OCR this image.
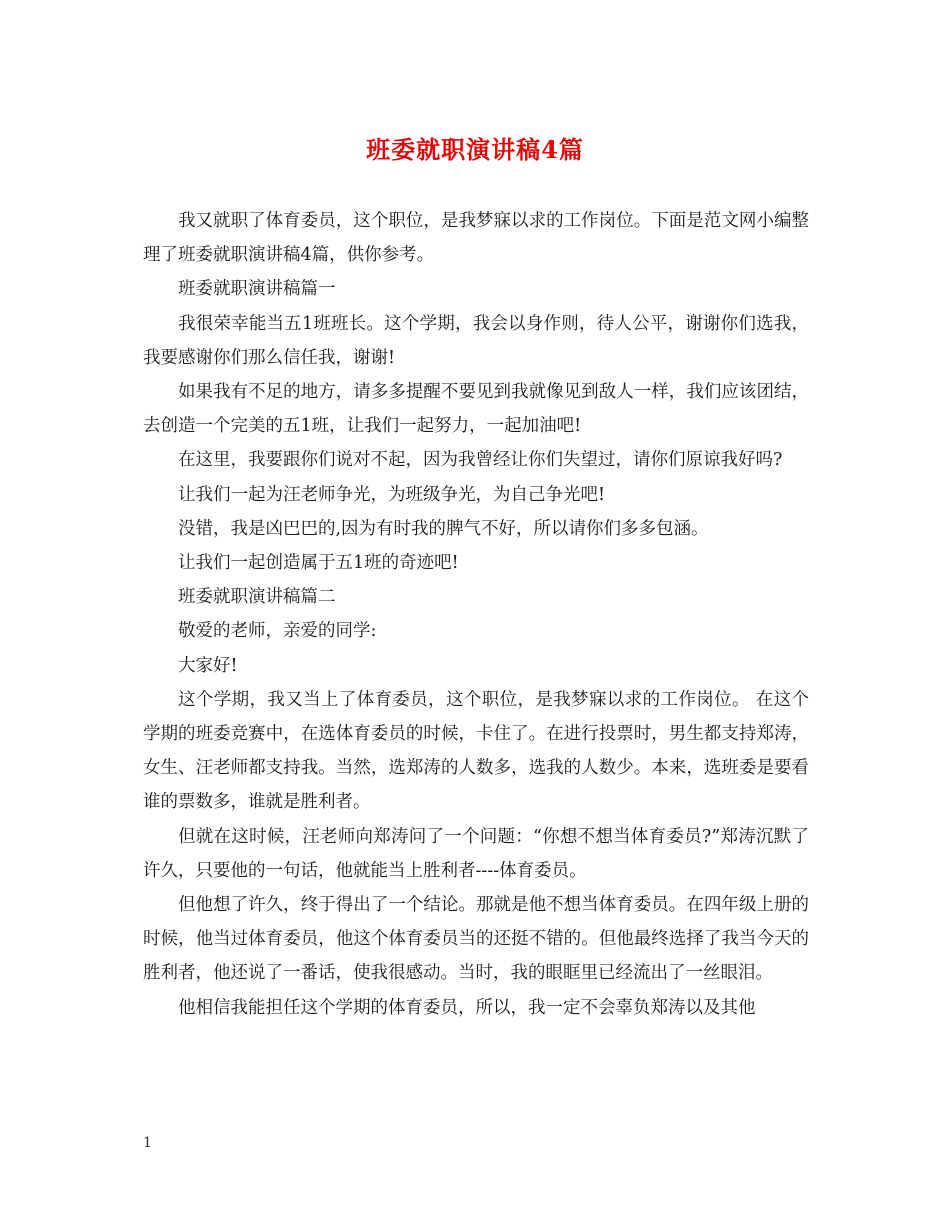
班委就职演讲稿4篇

我又就职了体育委员，这个职位，是我梦寐以求的工作岗位。下面是范文网小编整理了班委就职演讲稿4篇，供你参考。

班委就职演讲稿篇一

我很荣幸能当五1班班长。这个学期，我会以身作则，待人公平，谢谢你们选我，我要感谢你们那么信任我，谢谢!

如果我有不足的地方，请多多提醒不要见到我就像见到敌人一样，我们应该团结，去创造一个完美的五1班，让我们一起努力，一起加油吧!

在这里，我要跟你们说对不起，因为我曾经让你们失望过，请你们原谅我好吗?

让我们一起为汪老师争光，为班级争光，为自己争光吧!

没错，我是凶巴巴的,因为有时我的脾气不好，所以请你们多多包涵。

让我们一起创造属于五1班的奇迹吧!

班委就职演讲稿篇二

敬爱的老师，亲爱的同学:

大家好!

这个学期，我又当上了体育委员，这个职位，是我梦寐以求的工作岗位。 在这个学期的班委竞赛中，在选体育委员的时候，卡住了。在进行投票时，男生都支持郑涛，女生、汪老师都支持我。当然，选郑涛的人数多，选我的人数少。本来，选班委是要看谁的票数多，谁就是胜利者。

但就在这时候，汪老师向郑涛问了一个问题：“你想不想当体育委员?”郑涛沉默了许久，只要他的一句话，他就能当上胜利者----体育委员。

但他想了许久，终于得出了一个结论。那就是他不想当体育委员。在四年级上册的时候，他当过体育委员，他这个体育委员当的还挺不错的。但他最终选择了我当今天的胜利者，他还说了一番话，使我很感动。当时，我的眼眶里已经流出了一丝眼泪。

他相信我能担任这个学期的体育委员，所以，我一定不会辜负郑涛以及其他

1
